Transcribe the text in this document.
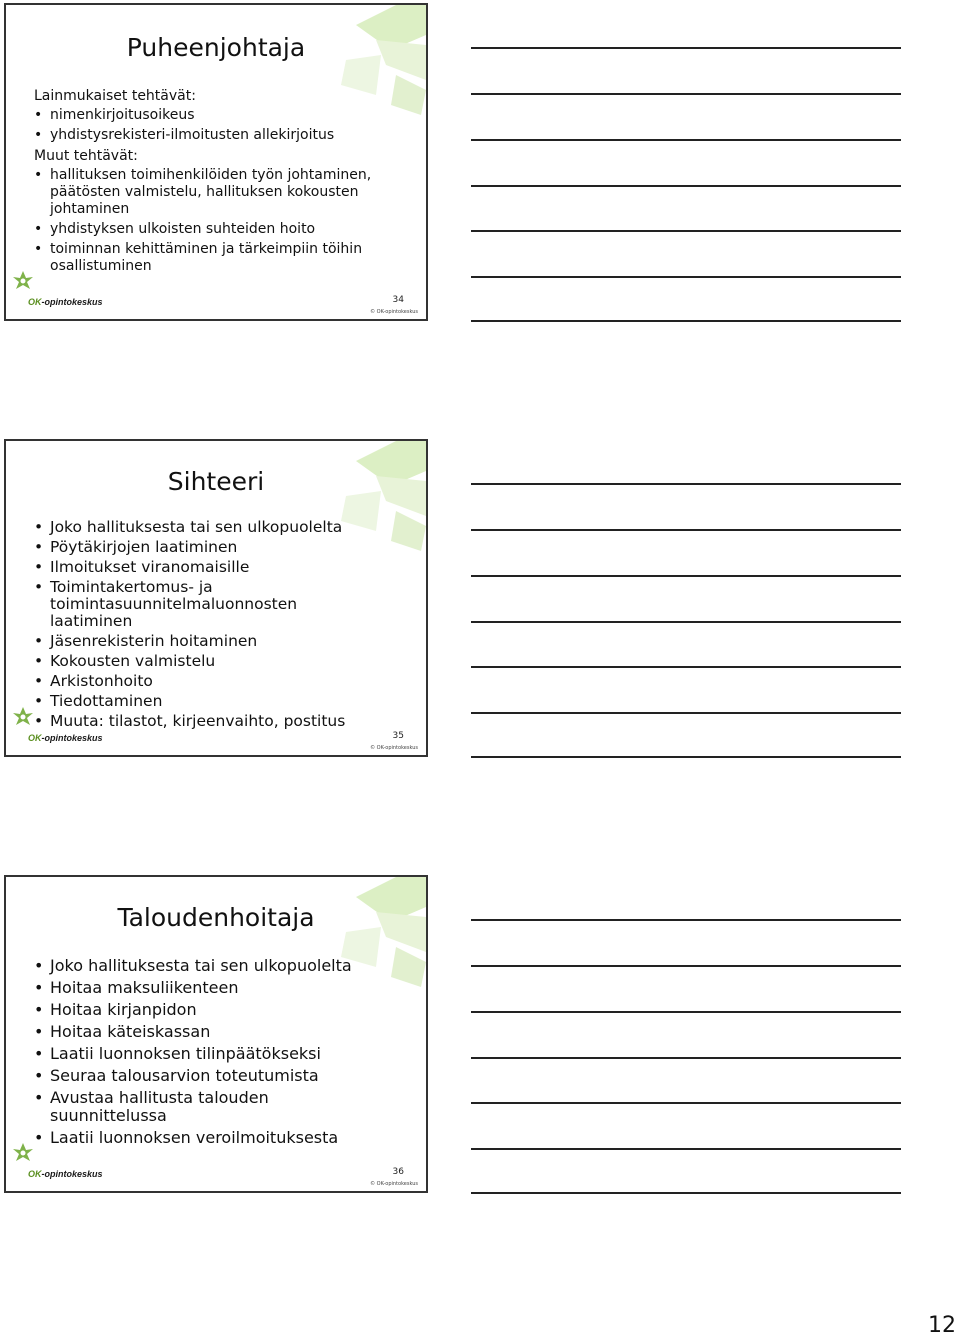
Puheenjohtaja

Lainmukaiset tehtävät:

• nimenkirjoitusoikeus
• yhdistysrekisteri-ilmoitusten allekirjoitus

Muut tehtävät:

• hallituksen toimihenkilöiden työn johtaminen, päätösten valmistelu, hallituksen kokousten johtaminen
• yhdistyksen ulkoisten suhteiden hoito
• toiminnan kehittäminen ja tärkeimpiin töihin osallistuminen
OK-opintokeskus	34
© OK-opintokeskus
Sihteeri
• Joko hallituksesta tai sen ulkopuolelta
• Pöytäkirjojen laatiminen
• Ilmoitukset viranomaisille
• Toimintakertomus- ja toimintasuunnitelmaluonnosten laatiminen
• Jäsenrekisterin hoitaminen
• Kokousten valmistelu
• Arkistonhoito
• Tiedottaminen
• Muuta: tilastot, kirjeenvaihto, postitus
OK-opintokeskus	35
© OK-opintokeskus
Taloudenhoitaja
• Joko hallituksesta tai sen ulkopuolelta
• Hoitaa maksuliikenteen
• Hoitaa kirjanpidon
• Hoitaa käteiskassan
• Laatii luonnoksen tilinpäätökseksi
• Seuraa talousarvion toteutumista
• Avustaa hallitusta talouden suunnittelussa
• Laatii luonnoksen veroilmoituksesta
OK-opintokeskus	36
© OK-opintokeskus
12
